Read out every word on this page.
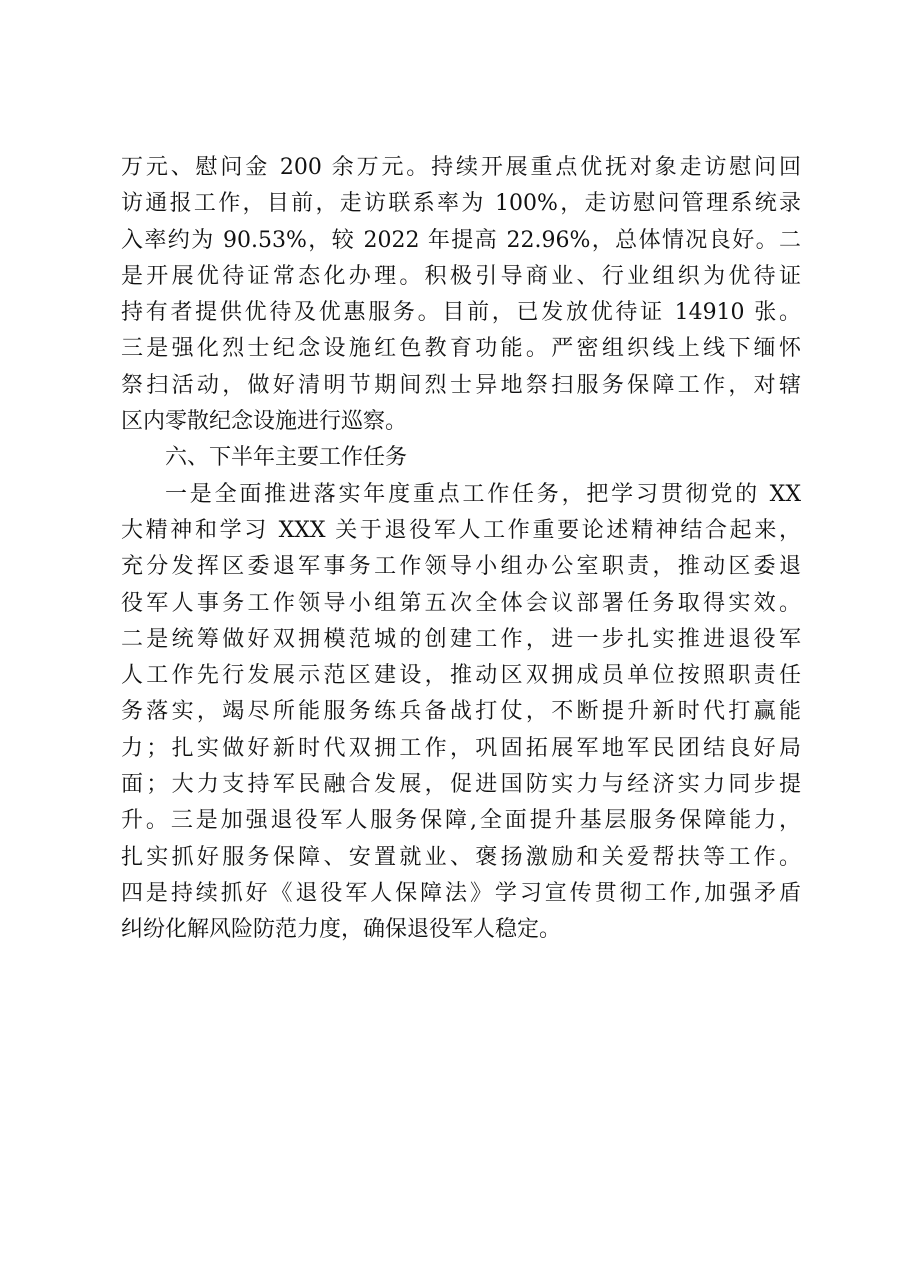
万元、慰问金 200 余万元。持续开展重点优抚对象走访慰问回
访通报工作，目前，走访联系率为 100%，走访慰问管理系统录
入率约为 90.53%，较 2022 年提高 22.96%，总体情况良好。二
是开展优待证常态化办理。积极引导商业、行业组织为优待证
持有者提供优待及优惠服务。目前，已发放优待证 14910 张。
三是强化烈士纪念设施红色教育功能。严密组织线上线下缅怀
祭扫活动，做好清明节期间烈士异地祭扫服务保障工作，对辖
区内零散纪念设施进行巡察。
六、下半年主要工作任务
一是全面推进落实年度重点工作任务，把学习贯彻党的 XX
大精神和学习 XXX 关于退役军人工作重要论述精神结合起来，
充分发挥区委退军事务工作领导小组办公室职责，推动区委退
役军人事务工作领导小组第五次全体会议部署任务取得实效。
二是统筹做好双拥模范城的创建工作，进一步扎实推进退役军
人工作先行发展示范区建设，推动区双拥成员单位按照职责任
务落实，竭尽所能服务练兵备战打仗，不断提升新时代打赢能
力；扎实做好新时代双拥工作，巩固拓展军地军民团结良好局
面；大力支持军民融合发展，促进国防实力与经济实力同步提
升。三是加强退役军人服务保障,全面提升基层服务保障能力，
扎实抓好服务保障、安置就业、褒扬激励和关爱帮扶等工作。
四是持续抓好《退役军人保障法》学习宣传贯彻工作,加强矛盾
纠纷化解风险防范力度，确保退役军人稳定。
